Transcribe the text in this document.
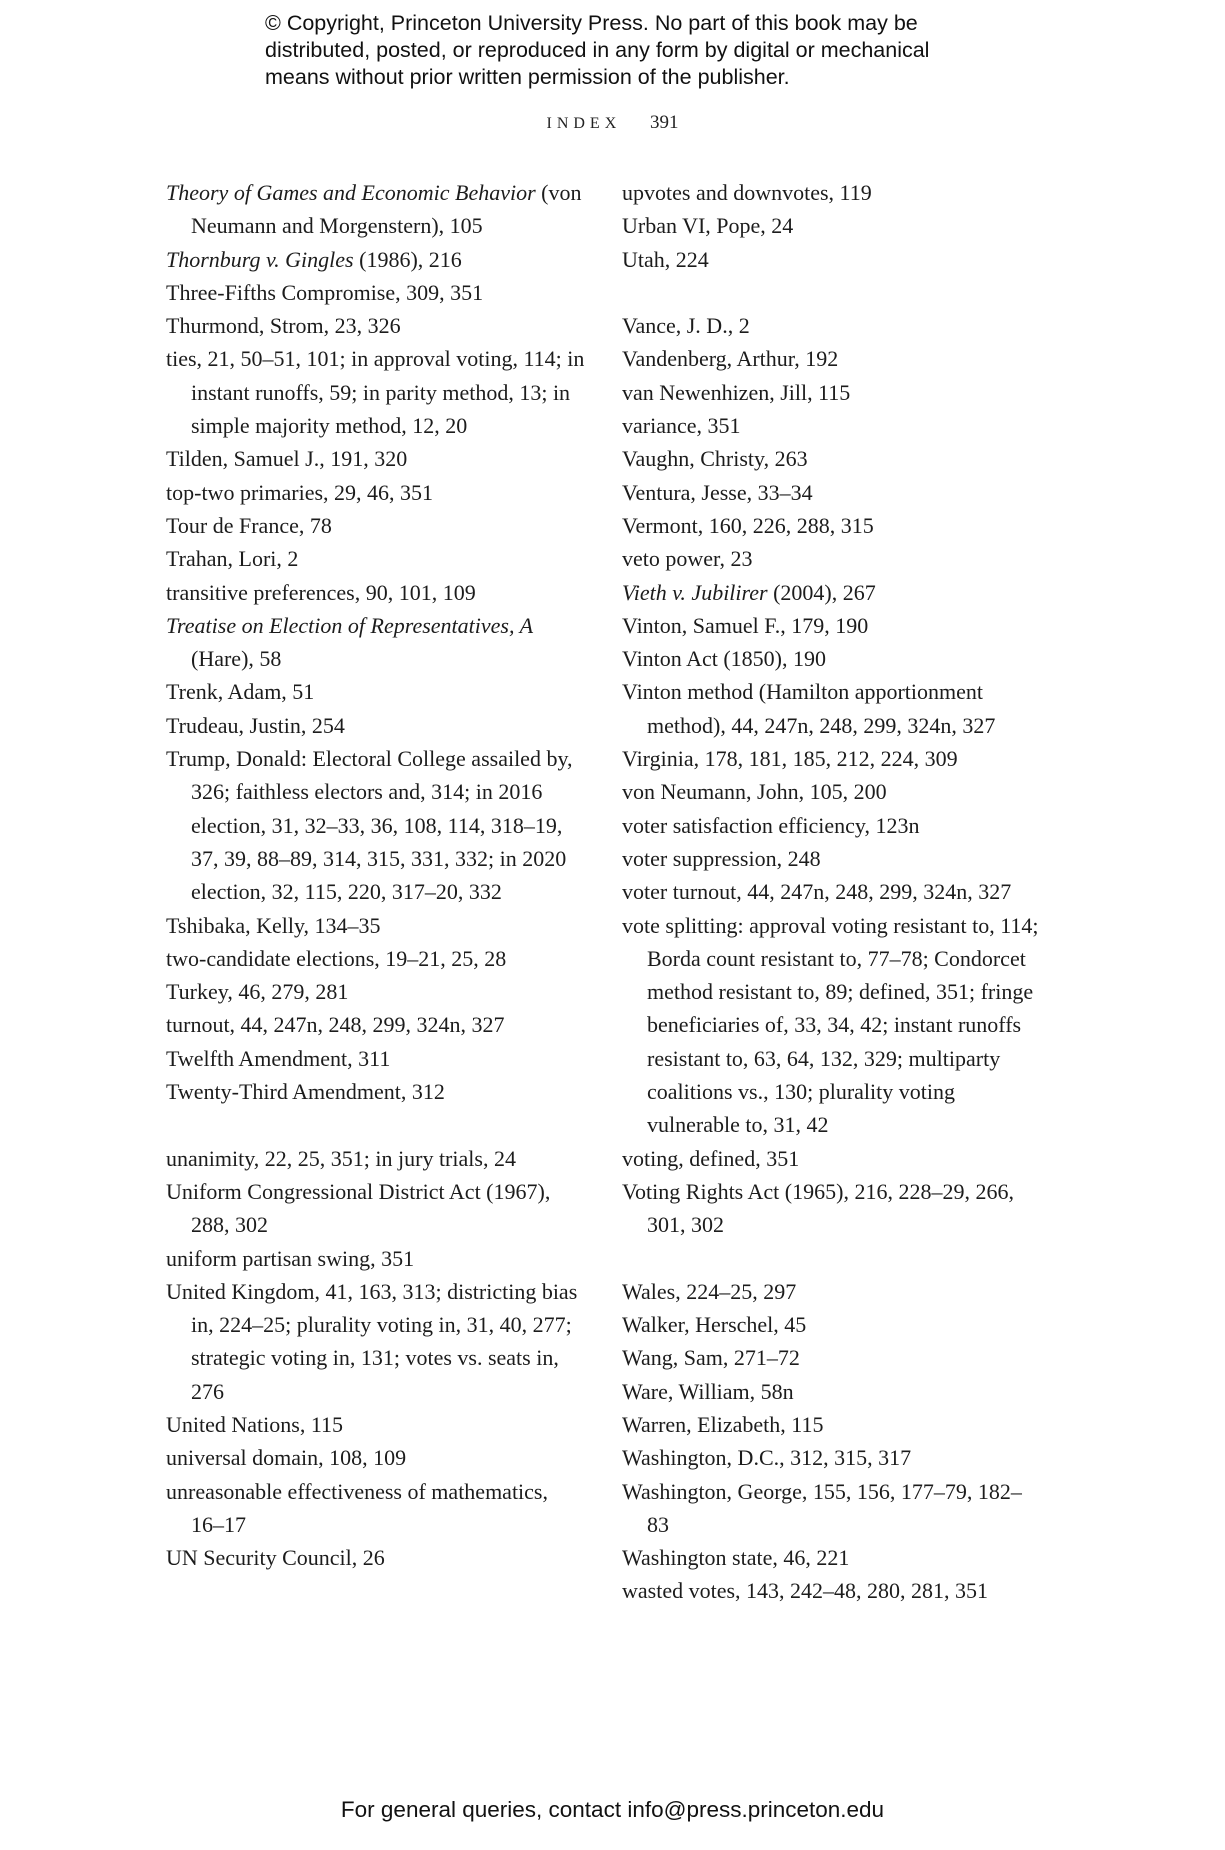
© Copyright, Princeton University Press. No part of this book may be
distributed, posted, or reproduced in any form by digital or mechanical
means without prior written permission of the publisher.
INDEX 391

Theory of Games and Economic Behavior (von Neumann and Morgenstern), 105

Thornburg v. Gingles (1986), 216

Three-Fifths Compromise, 309, 351

Thurmond, Strom, 23, 326

ties, 21, 50–51, 101; in approval voting, 114; in instant runoffs, 59; in parity method, 13; in simple majority method, 12, 20

Tilden, Samuel J., 191, 320

top-two primaries, 29, 46, 351

Tour de France, 78

Trahan, Lori, 2

transitive preferences, 90, 101, 109

Treatise on Election of Representatives, A (Hare), 58

Trenk, Adam, 51

Trudeau, Justin, 254

Trump, Donald: Electoral College assailed by, 326; faithless electors and, 314; in 2016 election, 31, 32–33, 36, 108, 114, 318–19, 37, 39, 88–89, 314, 315, 331, 332; in 2020 election, 32, 115, 220, 317–20, 332

Tshibaka, Kelly, 134–35

two-candidate elections, 19–21, 25, 28

Turkey, 46, 279, 281

turnout, 44, 247n, 248, 299, 324n, 327

Twelfth Amendment, 311

Twenty-Third Amendment, 312

unanimity, 22, 25, 351; in jury trials, 24

Uniform Congressional District Act (1967), 288, 302

uniform partisan swing, 351

United Kingdom, 41, 163, 313; districting bias in, 224–25; plurality voting in, 31, 40, 277; strategic voting in, 131; votes vs. seats in, 276

United Nations, 115

universal domain, 108, 109

unreasonable effectiveness of mathematics, 16–17

UN Security Council, 26

upvotes and downvotes, 119

Urban VI, Pope, 24

Utah, 224

Vance, J. D., 2

Vandenberg, Arthur, 192

van Newenhizen, Jill, 115

variance, 351

Vaughn, Christy, 263

Ventura, Jesse, 33–34

Vermont, 160, 226, 288, 315

veto power, 23

Vieth v. Jubilirer (2004), 267

Vinton, Samuel F., 179, 190

Vinton Act (1850), 190

Vinton method (Hamilton apportionment method), 44, 247n, 248, 299, 324n, 327

Virginia, 178, 181, 185, 212, 224, 309

von Neumann, John, 105, 200

voter satisfaction efficiency, 123n

voter suppression, 248

voter turnout, 44, 247n, 248, 299, 324n, 327

vote splitting: approval voting resistant to, 114; Borda count resistant to, 77–78; Condorcet method resistant to, 89; defined, 351; fringe beneficiaries of, 33, 34, 42; instant runoffs resistant to, 63, 64, 132, 329; multiparty coalitions vs., 130; plurality voting vulnerable to, 31, 42

voting, defined, 351

Voting Rights Act (1965), 216, 228–29, 266, 301, 302

Wales, 224–25, 297

Walker, Herschel, 45

Wang, Sam, 271–72

Ware, William, 58n

Warren, Elizabeth, 115

Washington, D.C., 312, 315, 317

Washington, George, 155, 156, 177–79, 182–83

Washington state, 46, 221

wasted votes, 143, 242–48, 280, 281, 351

For general queries, contact info@press.princeton.edu
